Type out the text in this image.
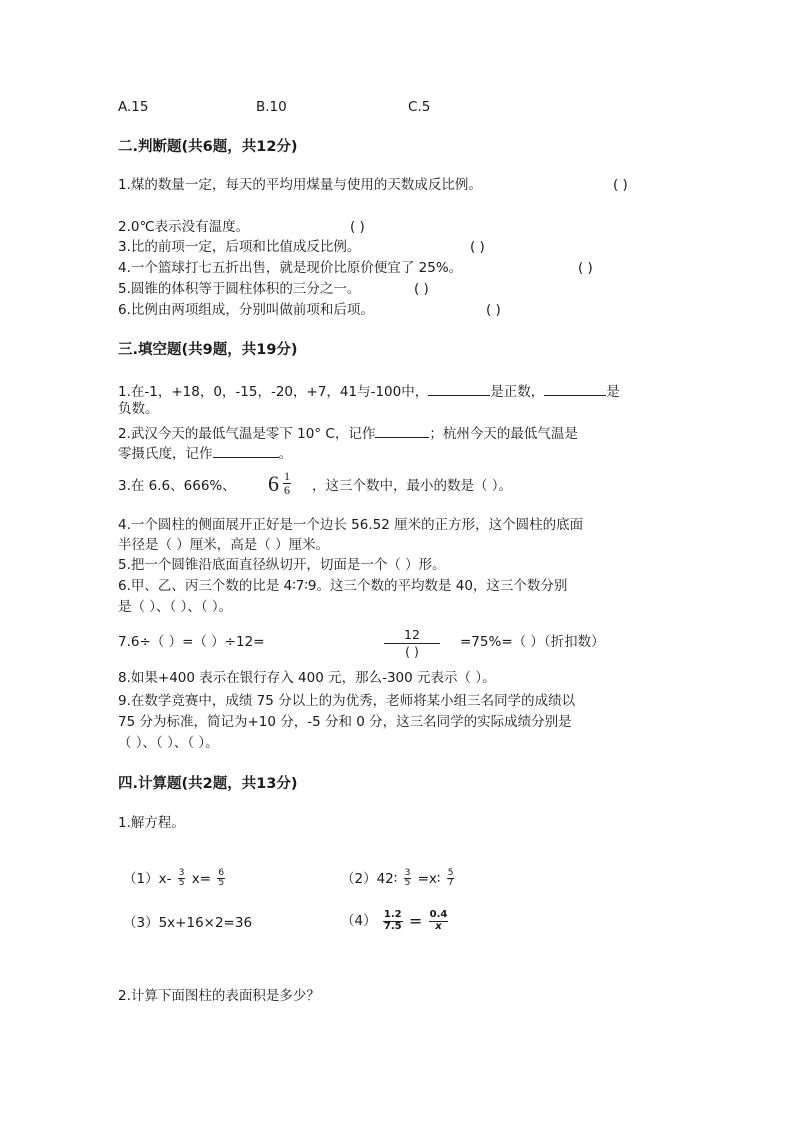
A.15	B.10	C.5
二.判断题(共6题，共12分)
1.煤的数量一定，每天的平均用煤量与使用的天数成反比例。	( )
2.0℃表示没有温度。	( )
3.比的前项一定，后项和比值成反比例。	( )
4.一个篮球打七五折出售，就是现价比原价便宜了 25%。	( )
5.圆锥的体积等于圆柱体积的三分之一。	( )
6.比例由两项组成，分别叫做前项和后项。	( )
三.填空题(共9题，共19分)
1.在-1，+18，0，-15，-20，+7，41与-100中，	是正数，	是
负数。
2.武汉今天的最低气温是零下 10° C，记作	；杭州今天的最低气温是
零摄氏度，记作	。
3.在 6.6、666%、 $6 \frac{1}{6}$ ，这三个数中，最小的数是（ ）。
4.一个圆柱的侧面展开正好是一个边长 56.52 厘米的正方形，这个圆柱的底面
半径是（ ）厘米，高是（ ）厘米。
5.把一个圆锥沿底面直径纵切开，切面是一个（ ）形。
6.甲、乙、丙三个数的比是 4∶7∶9。这三个数的平均数是 40，这三个数分别
是（ ）、（ ）、（ ）。
7.6÷（ ）=（ ）÷12=	12
( )
=75%=（ ）（折扣数）
8.如果+400 表示在银行存入 400 元，那么-300 元表示（ ）。
9.在数学竞赛中，成绩 75 分以上的为优秀，老师将某小组三名同学的成绩以
75 分为标准，简记为+10 分，-5 分和 0 分，这三名同学的实际成绩分别是
（ ）、（ ）、（ ）。
四.计算题(共2题，共13分)
1.解方程。
$(1)x- \frac{3}{5} x= \frac{6}{5}$	（2）42∶ $\frac{3}{5}$ =x∶ $\frac{5}{7}$
（3）5x+16×2=36	$(4) \frac{1.2}{7.5} = \frac{0.4}{x}$
2.计算下面图柱的表面积是多少？
